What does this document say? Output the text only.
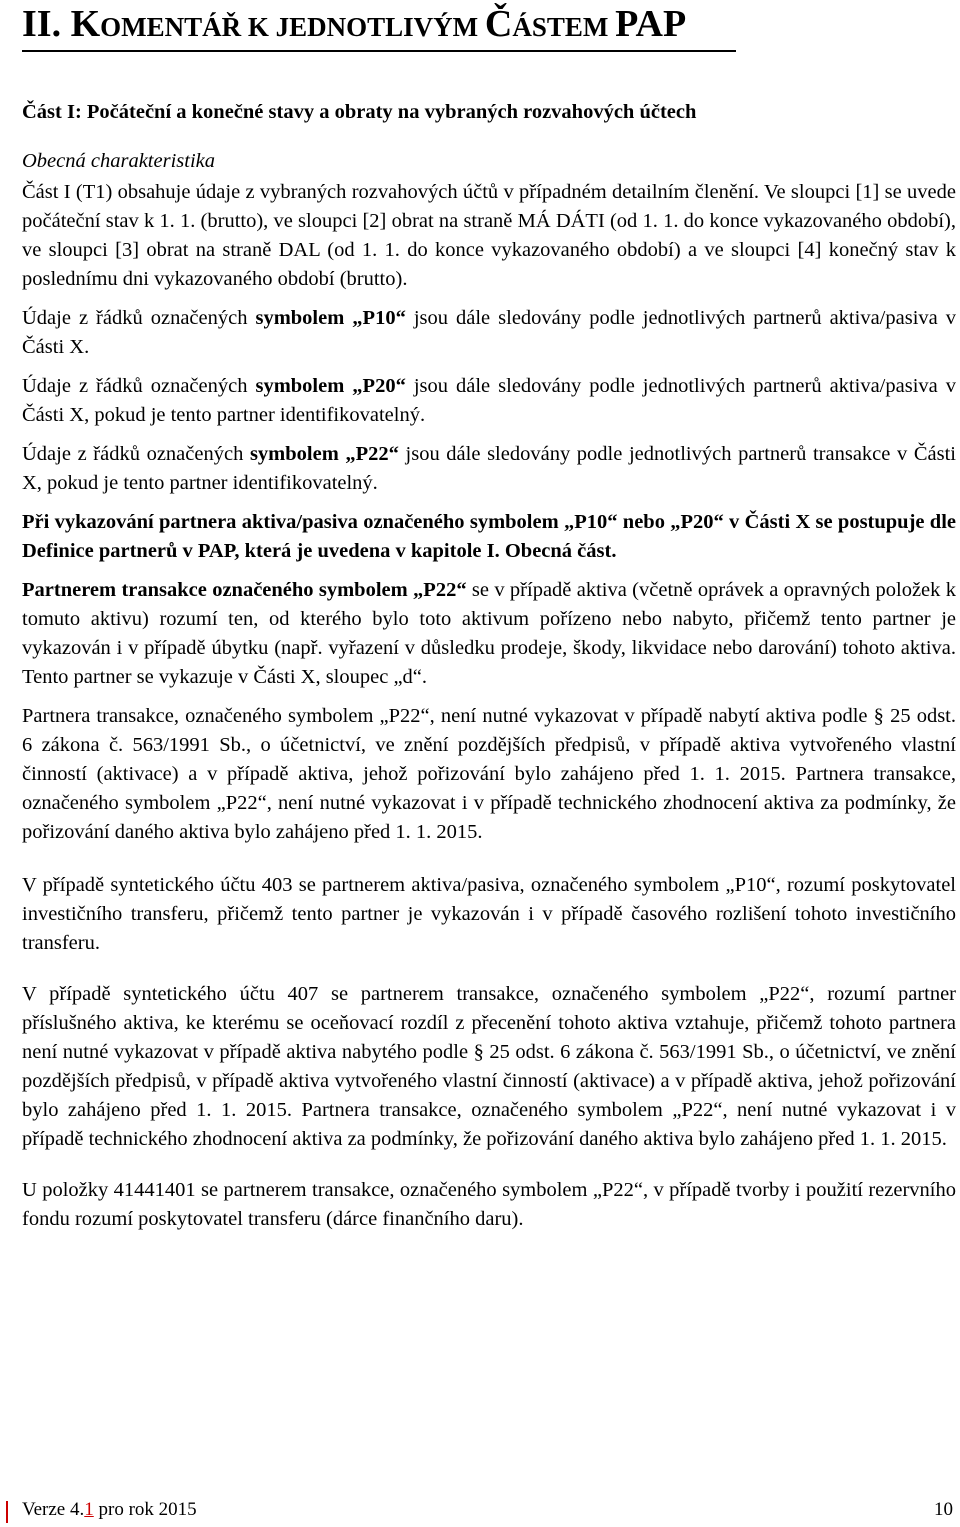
II. KOMENTÁŘ K JEDNOTLIVÝM ČÁSTEM PAP
Část I: Počáteční a konečné stavy a obraty na vybraných rozvahových účtech
Obecná charakteristika
Část I (T1) obsahuje údaje z vybraných rozvahových účtů v případném detailním členění. Ve sloupci [1] se uvede počáteční stav k 1. 1. (brutto), ve sloupci [2] obrat na straně MÁ DÁTI (od 1. 1. do konce vykazovaného období), ve sloupci [3] obrat na straně DAL (od 1. 1. do konce vykazovaného období) a ve sloupci [4] konečný stav k poslednímu dni vykazovaného období (brutto).
Údaje z řádků označených symbolem „P10“ jsou dále sledovány podle jednotlivých partnerů aktiva/pasiva v Části X.
Údaje z řádků označených symbolem „P20“ jsou dále sledovány podle jednotlivých partnerů aktiva/pasiva v Části X, pokud je tento partner identifikovatelný.
Údaje z řádků označených symbolem „P22“ jsou dále sledovány podle jednotlivých partnerů transakce v Části X, pokud je tento partner identifikovatelný.
Při vykazování partnera aktiva/pasiva označeného symbolem „P10“ nebo „P20“ v Části X se postupuje dle Definice partnerů v PAP, která je uvedena v kapitole I. Obecná část.
Partnerem transakce označeného symbolem „P22“ se v případě aktiva (včetně oprávek a opravných položek k tomuto aktivu) rozumí ten, od kterého bylo toto aktivum pořízeno nebo nabyto, přičemž tento partner je vykazován i v případě úbytku (např. vyřazení v důsledku prodeje, škody, likvidace nebo darování) tohoto aktiva. Tento partner se vykazuje v Části X, sloupec „d“.
Partnera transakce, označeného symbolem „P22“, není nutné vykazovat v případě nabytí aktiva podle § 25 odst. 6 zákona č. 563/1991 Sb., o účetnictví, ve znění pozdějších předpisů, v případě aktiva vytvořeného vlastní činností (aktivace) a v případě aktiva, jehož pořizování bylo zahájeno před 1. 1. 2015. Partnera transakce, označeného symbolem „P22“, není nutné vykazovat i v případě technického zhodnocení aktiva za podmínky, že pořizování daného aktiva bylo zahájeno před 1. 1. 2015.
V případě syntetického účtu 403 se partnerem aktiva/pasiva, označeného symbolem „P10“, rozumí poskytovatel investičního transferu, přičemž tento partner je vykazován i v případě časového rozlišení tohoto investičního transferu.
V případě syntetického účtu 407 se partnerem transakce, označeného symbolem „P22“, rozumí partner příslušného aktiva, ke kterému se oceňovací rozdíl z přecenění tohoto aktiva vztahuje, přičemž tohoto partnera není nutné vykazovat v případě aktiva nabytého podle § 25 odst. 6 zákona č. 563/1991 Sb., o účetnictví, ve znění pozdějších předpisů, v případě aktiva vytvořeného vlastní činností (aktivace) a v případě aktiva, jehož pořizování bylo zahájeno před 1. 1. 2015. Partnera transakce, označeného symbolem „P22“, není nutné vykazovat i v případě technického zhodnocení aktiva za podmínky, že pořizování daného aktiva bylo zahájeno před 1. 1. 2015.
U položky 41441401 se partnerem transakce, označeného symbolem „P22“, v případě tvorby i použití rezervního fondu rozumí poskytovatel transferu (dárce finančního daru).
Verze 4.1 pro rok 2015	10
